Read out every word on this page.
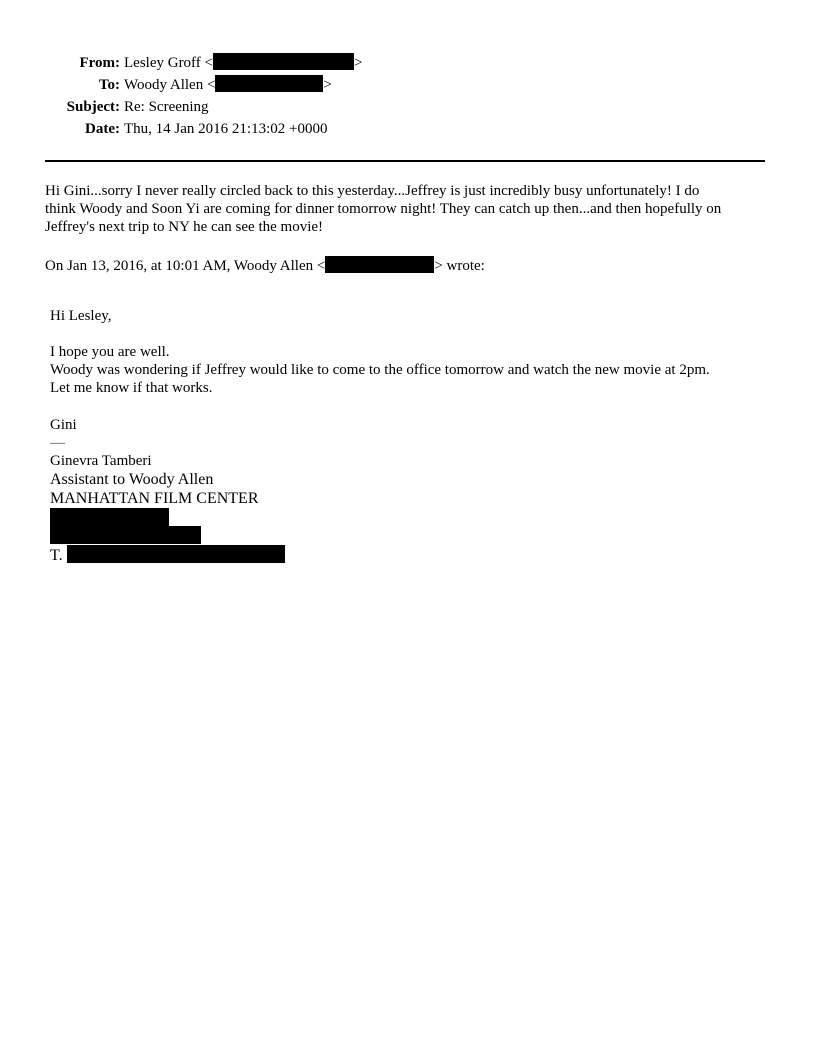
From: Lesley Groff <	>
To: Woody Allen <	>
Subject: Re: Screening
Date: Thu, 14 Jan 2016 21:13:02 +0000

Hi Gini...sorry I never really circled back to this yesterday...Jeffrey is just incredibly busy unfortunately! I do

think Woody and Soon Yi are coming for dinner tomorrow night! They can catch up then...and then hopefully on

Jeffrey's next trip to NY he can see the movie!

On Jan 13, 2016, at 10:01 AM, Woody Allen <	> wrote:
Hi Lesley,
I hope you are well.
Woody was wondering if Jeffrey would like to come to the office tomorrow and watch the new movie at 2pm.
Let me know if that works.
Gini
—
Ginevra Tamberi
Assistant to Woody Allen
MANHATTAN FILM CENTER
T.
